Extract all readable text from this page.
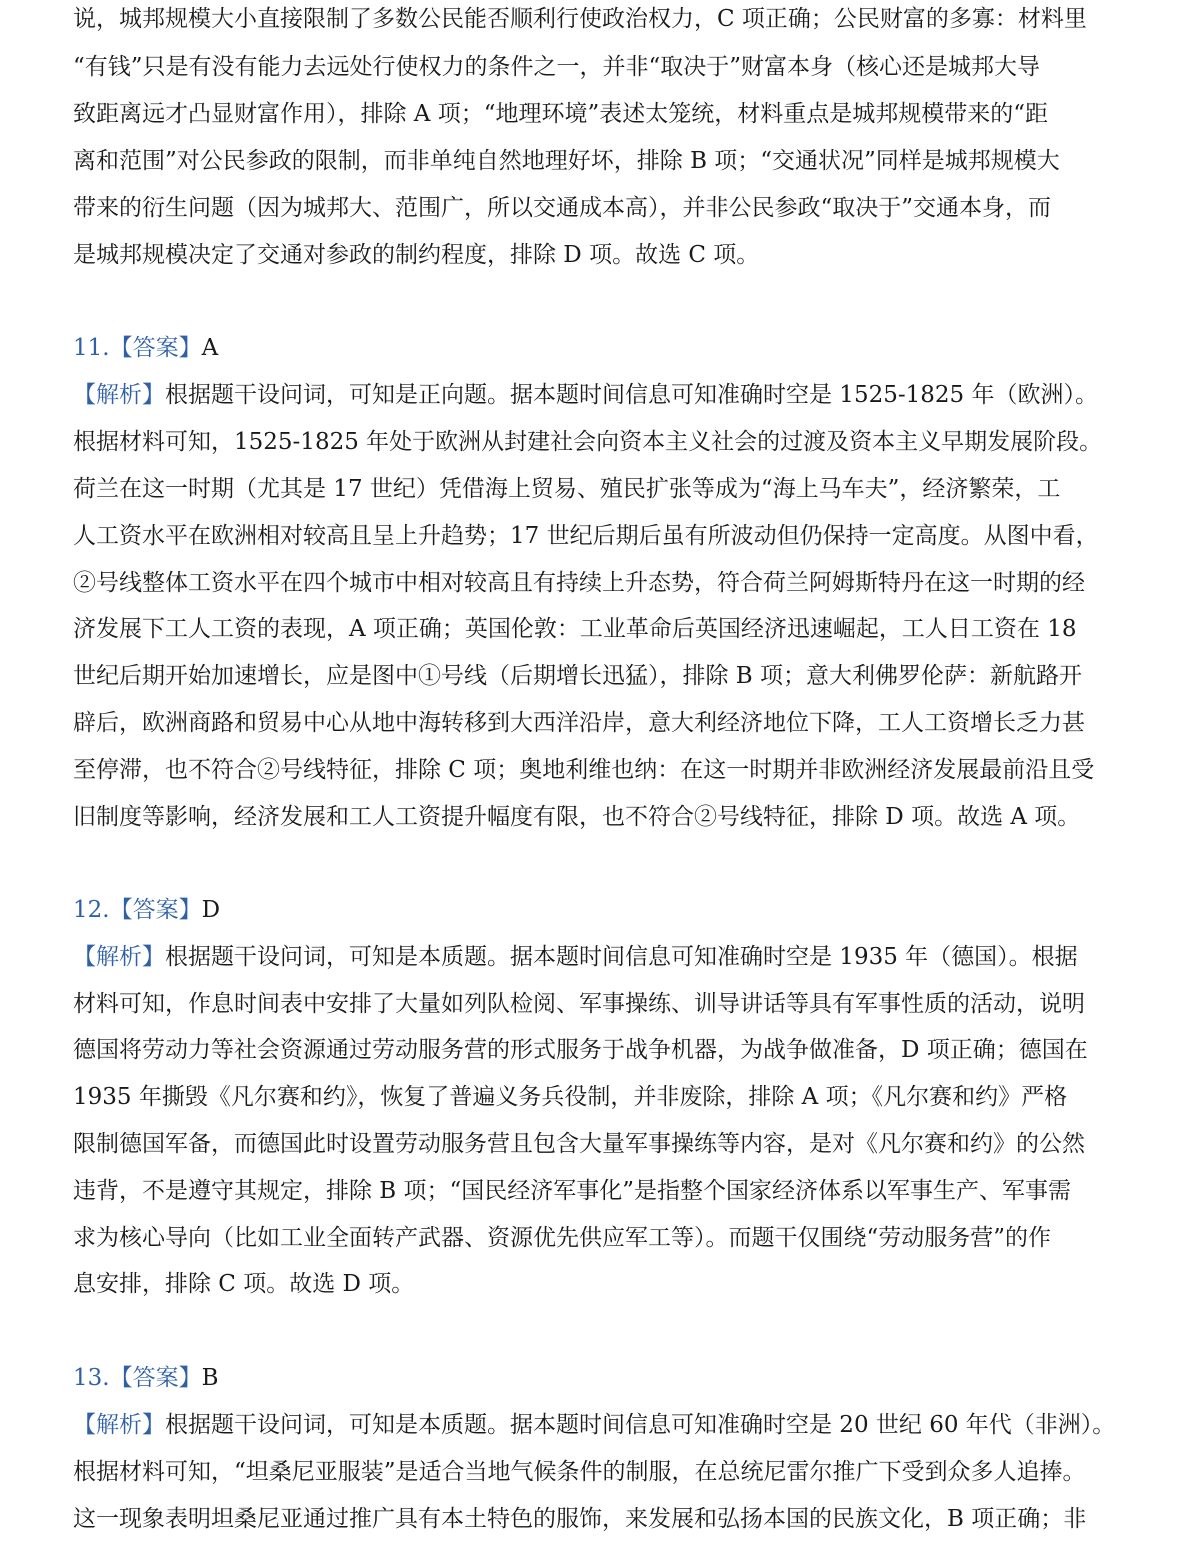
说，城邦规模大小直接限制了多数公民能否顺利行使政治权力，C 项正确；公民财富的多寡：材料里
“有钱”只是有没有能力去远处行使权力的条件之一，并非“取决于”财富本身（核心还是城邦大导
致距离远才凸显财富作用），排除 A 项；“地理环境”表述太笼统，材料重点是城邦规模带来的“距
离和范围”对公民参政的限制，而非单纯自然地理好坏，排除 B 项；“交通状况”同样是城邦规模大
带来的衍生问题（因为城邦大、范围广，所以交通成本高），并非公民参政“取决于”交通本身，而
是城邦规模决定了交通对参政的制约程度，排除 D 项。故选 C 项。
11.【答案】A
【解析】根据题干设问词，可知是正向题。据本题时间信息可知准确时空是 1525-1825 年（欧洲）。
根据材料可知，1525-1825 年处于欧洲从封建社会向资本主义社会的过渡及资本主义早期发展阶段。
荷兰在这一时期（尤其是 17 世纪）凭借海上贸易、殖民扩张等成为“海上马车夫”，经济繁荣，工
人工资水平在欧洲相对较高且呈上升趋势；17 世纪后期后虽有所波动但仍保持一定高度。从图中看，
②号线整体工资水平在四个城市中相对较高且有持续上升态势，符合荷兰阿姆斯特丹在这一时期的经
济发展下工人工资的表现，A 项正确；英国伦敦：工业革命后英国经济迅速崛起，工人日工资在 18
世纪后期开始加速增长，应是图中①号线（后期增长迅猛），排除 B 项；意大利佛罗伦萨：新航路开
辟后，欧洲商路和贸易中心从地中海转移到大西洋沿岸，意大利经济地位下降，工人工资增长乏力甚
至停滞，也不符合②号线特征，排除 C 项；奥地利维也纳：在这一时期并非欧洲经济发展最前沿且受
旧制度等影响，经济发展和工人工资提升幅度有限，也不符合②号线特征，排除 D 项。故选 A 项。
12.【答案】D
【解析】根据题干设问词，可知是本质题。据本题时间信息可知准确时空是 1935 年（德国）。根据
材料可知，作息时间表中安排了大量如列队检阅、军事操练、训导讲话等具有军事性质的活动，说明
德国将劳动力等社会资源通过劳动服务营的形式服务于战争机器，为战争做准备，D 项正确；德国在
1935 年撕毁《凡尔赛和约》，恢复了普遍义务兵役制，并非废除，排除 A 项；《凡尔赛和约》严格
限制德国军备，而德国此时设置劳动服务营且包含大量军事操练等内容，是对《凡尔赛和约》的公然
违背，不是遵守其规定，排除 B 项；“国民经济军事化”是指整个国家经济体系以军事生产、军事需
求为核心导向（比如工业全面转产武器、资源优先供应军工等）。而题干仅围绕“劳动服务营”的作
息安排，排除 C 项。故选 D 项。
13.【答案】B
【解析】根据题干设问词，可知是本质题。据本题时间信息可知准确时空是 20 世纪 60 年代（非洲）。
根据材料可知，“坦桑尼亚服装”是适合当地气候条件的制服，在总统尼雷尔推广下受到众多人追捧。
这一现象表明坦桑尼亚通过推广具有本土特色的服饰，来发展和弘扬本国的民族文化，B 项正确；非
